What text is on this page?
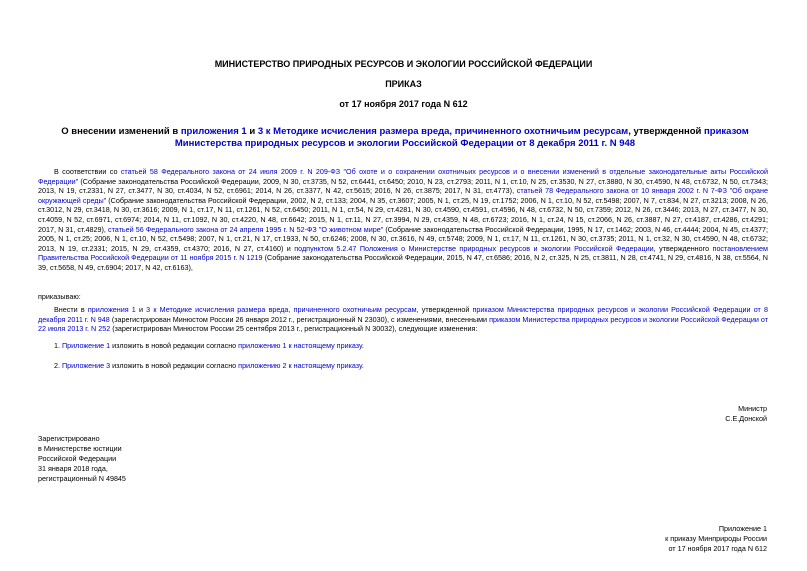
МИНИСТЕРСТВО ПРИРОДНЫХ РЕСУРСОВ И ЭКОЛОГИИ РОССИЙСКОЙ ФЕДЕРАЦИИ
ПРИКАЗ
от 17 ноября 2017 года N 612
О внесении изменений в приложения 1 и 3 к Методике исчисления размера вреда, причиненного охотничьим ресурсам, утвержденной приказом Министерства природных ресурсов и экологии Российской Федерации от 8 декабря 2011 г. N 948
В соответствии со статьей 58 Федерального закона от 24 июля 2009 г. N 209-ФЗ "Об охоте и о сохранении охотничьих ресурсов и о внесении изменений в отдельные законодательные акты Российской Федерации" (Собрание законодательства Российской Федерации, 2009, N 30, ст.3735, N 52, ст.6441, ст.6450; 2010, N 23, ст.2793; 2011, N 1, ст.10, N 25, ст.3530, N 27, ст.3880, N 30, ст.4590, N 48, ст.6732, N 50, ст.7343; 2013, N 19, ст.2331, N 27, ст.3477, N 30, ст.4034, N 52, ст.6961; 2014, N 26, ст.3377, N 42, ст.5615; 2016, N 26, ст.3875; 2017, N 31, ст.4773), статьей 78 Федерального закона от 10 января 2002 г. N 7-ФЗ "Об охране окружающей среды" (Собрание законодательства Российской Федерации, 2002, N 2, ст.133; 2004, N 35, ст.3607; 2005, N 1, ст.25, N 19, ст.1752; 2006, N 1, ст.10, N 52, ст.5498; 2007, N 7, ст.834, N 27, ст.3213; 2008, N 26, ст.3012, N 29, ст.3418, N 30, ст.3616; 2009, N 1, ст.17, N 11, ст.1261, N 52, ст.6450; 2011, N 1, ст.54, N 29, ст.4281, N 30, ст.4590, ст.4591, ст.4596, N 48, ст.6732, N 50, ст.7359; 2012, N 26, ст.3446; 2013, N 27, ст.3477, N 30, ст.4059, N 52, ст.6971, ст.6974; 2014, N 11, ст.1092, N 30, ст.4220, N 48, ст.6642; 2015, N 1, ст.11, N 27, ст.3994, N 29, ст.4359, N 48, ст.6723; 2016, N 1, ст.24, N 15, ст.2066, N 26, ст.3887, N 27, ст.4187, ст.4286, ст.4291; 2017, N 31, ст.4829), статьей 56 Федерального закона от 24 апреля 1995 г. N 52-ФЗ "О животном мире" (Собрание законодательства Российской Федерации, 1995, N 17, ст.1462; 2003, N 46, ст.4444; 2004, N 45, ст.4377; 2005, N 1, ст.25; 2006, N 1, ст.10, N 52, ст.5498; 2007, N 1, ст.21, N 17, ст.1933, N 50, ст.6246; 2008, N 30, ст.3616, N 49, ст.5748; 2009, N 1, ст.17, N 11, ст.1261, N 30, ст.3735; 2011, N 1, ст.32, N 30, ст.4590, N 48, ст.6732; 2013, N 19, ст.2331; 2015, N 29, ст.4359, ст.4370; 2016, N 27, ст.4160) и подпунктом 5.2.47 Положения о Министерстве природных ресурсов и экологии Российской Федерации, утвержденного постановлением Правительства Российской Федерации от 11 ноября 2015 г. N 1219 (Собрание законодательства Российской Федерации, 2015, N 47, ст.6586; 2016, N 2, ст.325, N 25, ст.3811, N 28, ст.4741, N 29, ст.4816, N 38, ст.5564, N 39, ст.5658, N 49, ст.6904; 2017, N 42, ст.6163),
приказываю:
Внести в приложения 1 и 3 к Методике исчисления размера вреда, причиненного охотничьим ресурсам, утвержденной приказом Министерства природных ресурсов и экологии Российской Федерации от 8 декабря 2011 г. N 948 (зарегистрирован Минюстом России 26 января 2012 г., регистрационный N 23030), с изменениями, внесенными приказом Министерства природных ресурсов и экологии Российской Федерации от 22 июля 2013 г. N 252 (зарегистрирован Минюстом России 25 сентября 2013 г., регистрационный N 30032), следующие изменения:
1. Приложение 1 изложить в новой редакции согласно приложению 1 к настоящему приказу.
2. Приложение 3 изложить в новой редакции согласно приложению 2 к настоящему приказу.
Министр
С.Е.Донской
Зарегистрировано
в Министерстве юстиции
Российской Федерации
31 января 2018 года,
регистрационный N 49845
Приложение 1
к приказу Минприроды России
от 17 ноября 2017 года N 612
